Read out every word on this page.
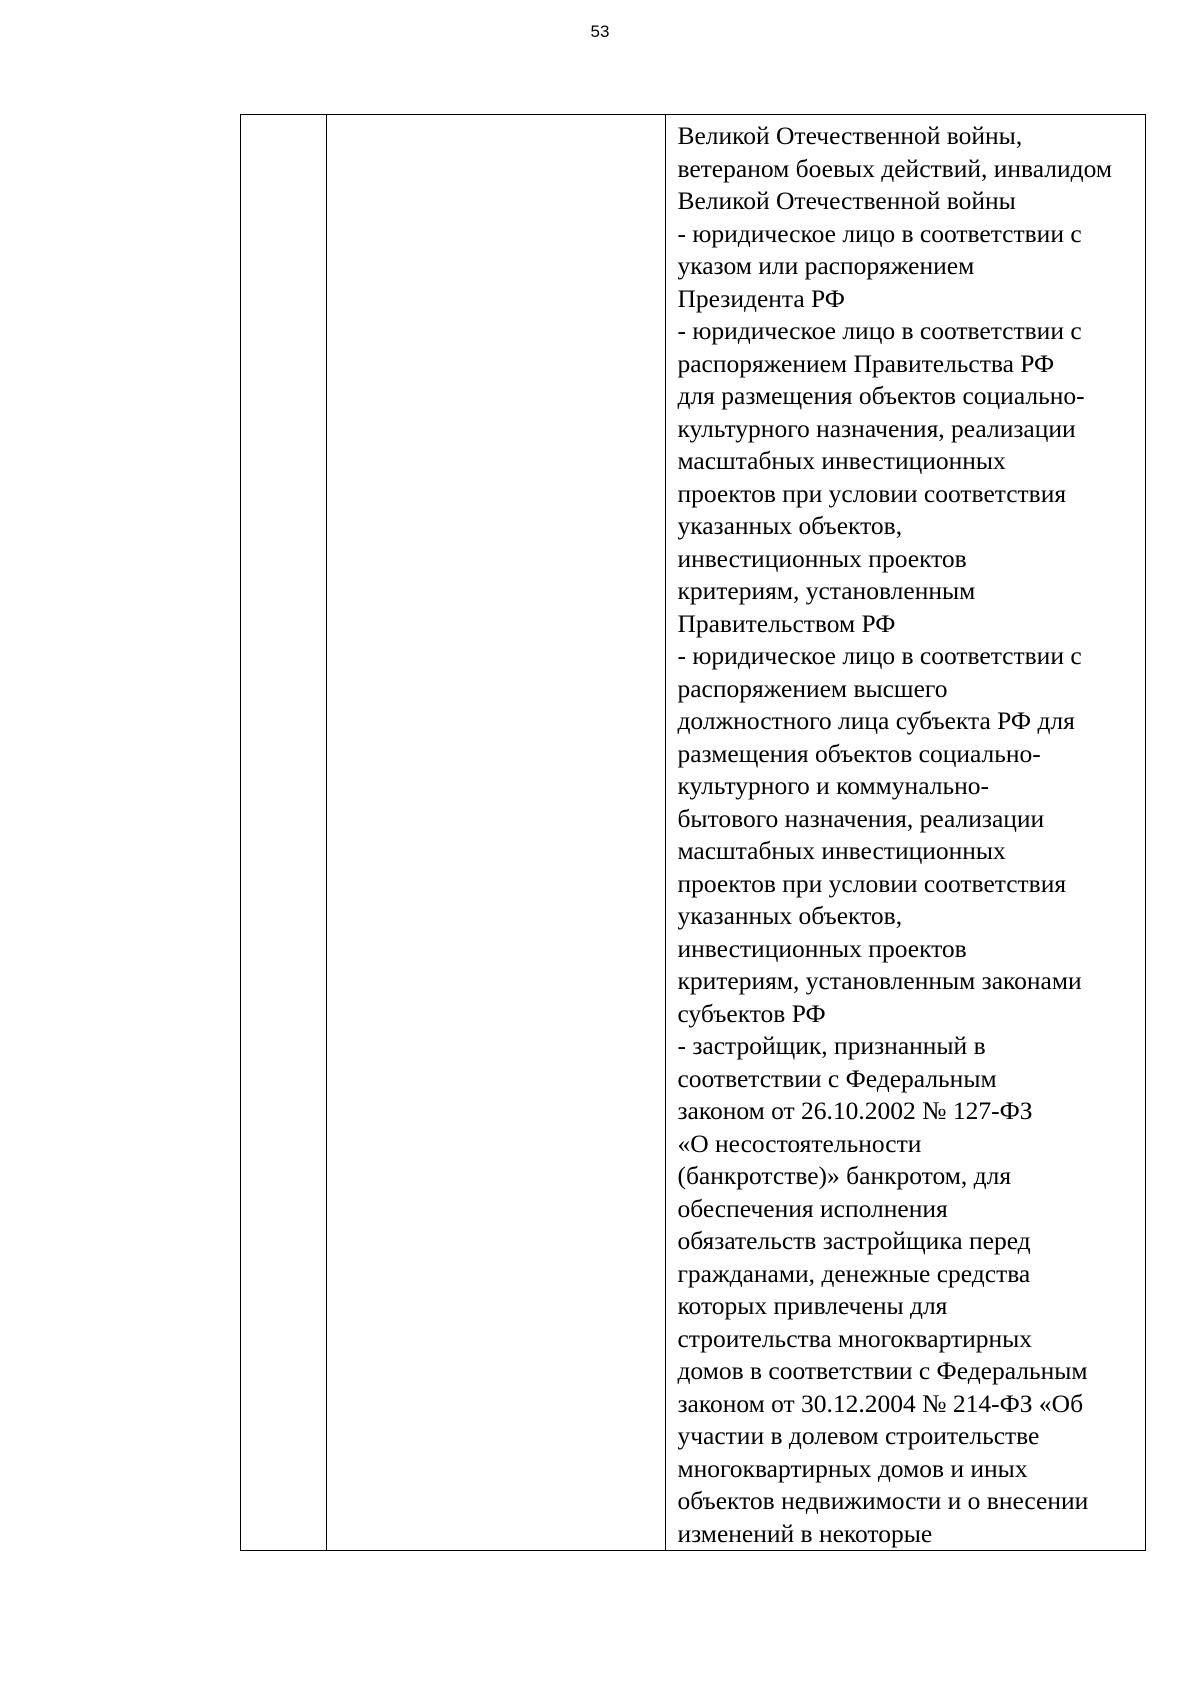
53

Великой Отечественной войны,
ветераном боевых действий, инвалидом
Великой Отечественной войны
- юридическое лицо в соответствии с
указом или распоряжением
Президента РФ
- юридическое лицо в соответствии с
распоряжением Правительства РФ
для размещения объектов социально-
культурного назначения, реализации
масштабных инвестиционных
проектов при условии соответствия
указанных объектов,
инвестиционных проектов
критериям, установленным
Правительством РФ
- юридическое лицо в соответствии с
распоряжением высшего
должностного лица субъекта РФ для
размещения объектов социально-
культурного и коммунально-
бытового назначения, реализации
масштабных инвестиционных
проектов при условии соответствия
указанных объектов,
инвестиционных проектов
критериям, установленным законами
субъектов РФ
- застройщик, признанный в
соответствии с Федеральным
законом от 26.10.2002 № 127-ФЗ
«О несостоятельности
(банкротстве)» банкротом, для
обеспечения исполнения
обязательств застройщика перед
гражданами, денежные средства
которых привлечены для
строительства многоквартирных
домов в соответствии с Федеральным
законом от 30.12.2004 № 214-ФЗ «Об
участии в долевом строительстве
многоквартирных домов и иных
объектов недвижимости и о внесении
изменений в некоторые
